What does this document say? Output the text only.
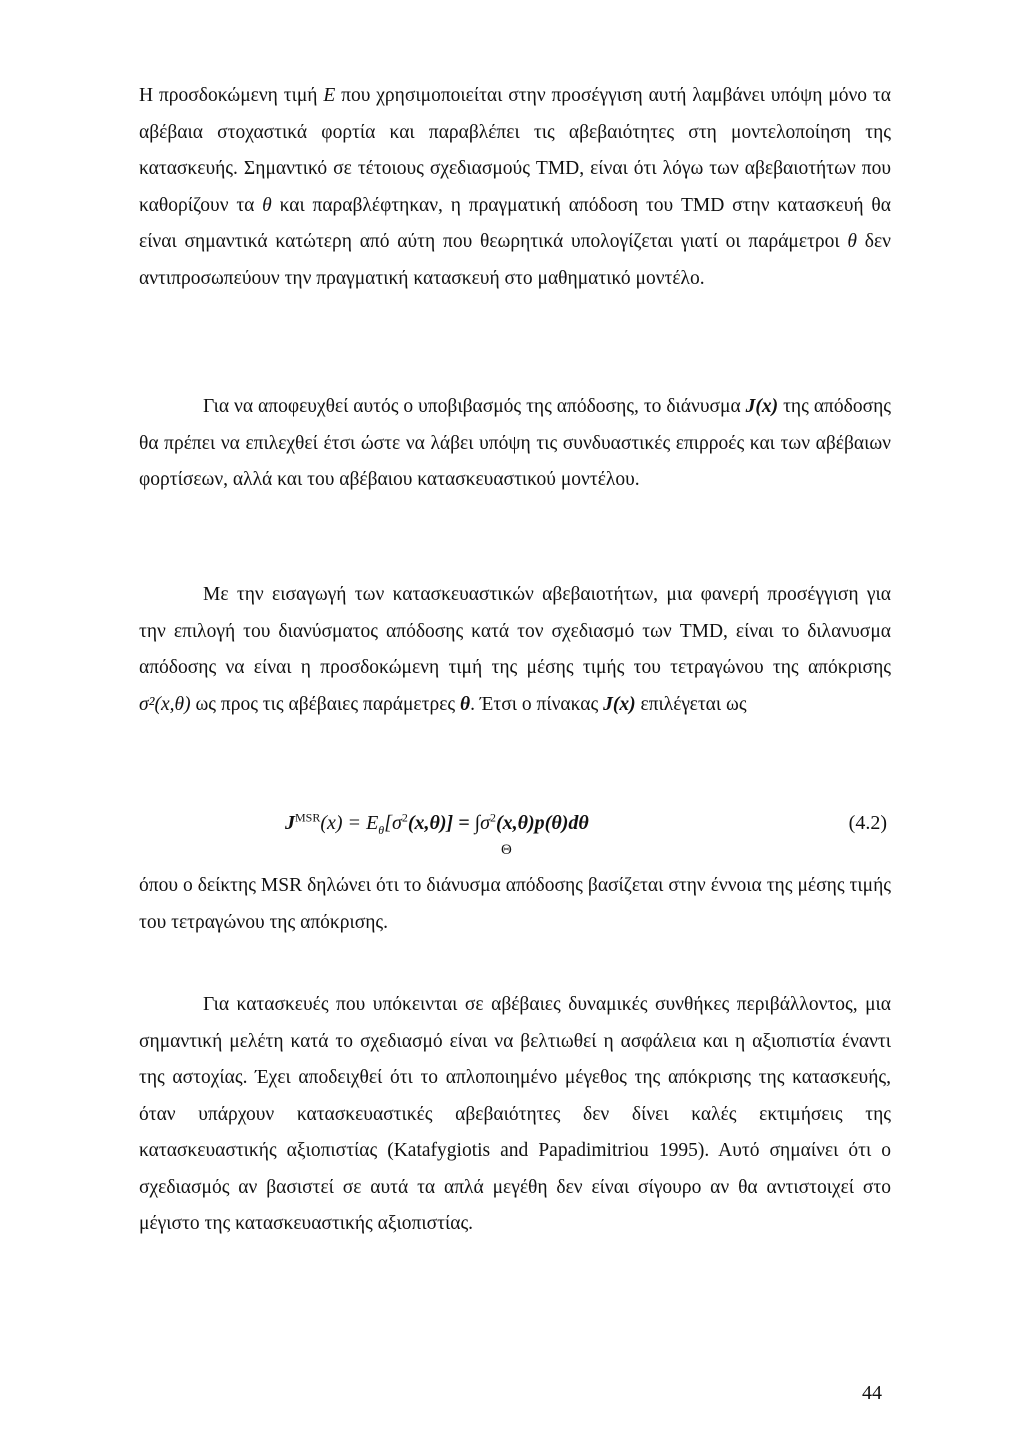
Η προσδοκώμενη τιμή E που χρησιμοποιείται στην προσέγγιση αυτή λαμβάνει υπόψη μόνο τα αβέβαια στοχαστικά φορτία και παραβλέπει τις αβεβαιότητες στη μοντελοποίηση της κατασκευής. Σημαντικό σε τέτοιους σχεδιασμούς TMD, είναι ότι λόγω των αβεβαιοτήτων που καθορίζουν τα θ και παραβλέφτηκαν, η πραγματική απόδοση του TMD στην κατασκευή θα είναι σημαντικά κατώτερη από αύτη που θεωρητικά υπολογίζεται γιατί οι παράμετροι θ δεν αντιπροσωπεύουν την πραγματική κατασκευή στο μαθηματικό μοντέλο.

Για να αποφευχθεί αυτός ο υποβιβασμός της απόδοσης, το διάνυσμα J(x) της απόδοσης θα πρέπει να επιλεχθεί έτσι ώστε να λάβει υπόψη τις συνδυαστικές επιρροές και των αβέβαιων φορτίσεων, αλλά και του αβέβαιου κατασκευαστικού μοντέλου.

Με την εισαγωγή των κατασκευαστικών αβεβαιοτήτων, μια φανερή προσέγγιση για την επιλογή του διανύσματος απόδοσης κατά τον σχεδιασμό των TMD, είναι το διλανυσμα απόδοσης να είναι η προσδοκώμενη τιμή της μέσης τιμής του τετραγώνου της απόκρισης σ²(x,θ) ως προς τις αβέβαιες παράμετρες θ. Έτσι ο πίνακας J(x) επιλέγεται ως

$J^{MSR}(x) = E_\theta[\sigma^2(x,\theta)] = \int\sigma^2(x,\theta)p(\theta)d\theta$
Θ
(4.2)

όπου ο δείκτης MSR δηλώνει ότι το διάνυσμα απόδοσης βασίζεται στην έννοια της μέσης τιμής του τετραγώνου της απόκρισης.

Για κατασκευές που υπόκεινται σε αβέβαιες δυναμικές συνθήκες περιβάλλοντος, μια σημαντική μελέτη κατά το σχεδιασμό είναι να βελτιωθεί η ασφάλεια και η αξιοπιστία έναντι της αστοχίας. Έχει αποδειχθεί ότι το απλοποιημένο μέγεθος της απόκρισης της κατασκευής, όταν υπάρχουν κατασκευαστικές αβεβαιότητες δεν δίνει καλές εκτιμήσεις της κατασκευαστικής αξιοπιστίας (Katafygiotis and Papadimitriou 1995). Αυτό σημαίνει ότι ο σχεδιασμός αν βασιστεί σε αυτά τα απλά μεγέθη δεν είναι σίγουρο αν θα αντιστοιχεί στο μέγιστο της κατασκευαστικής αξιοπιστίας.

44
